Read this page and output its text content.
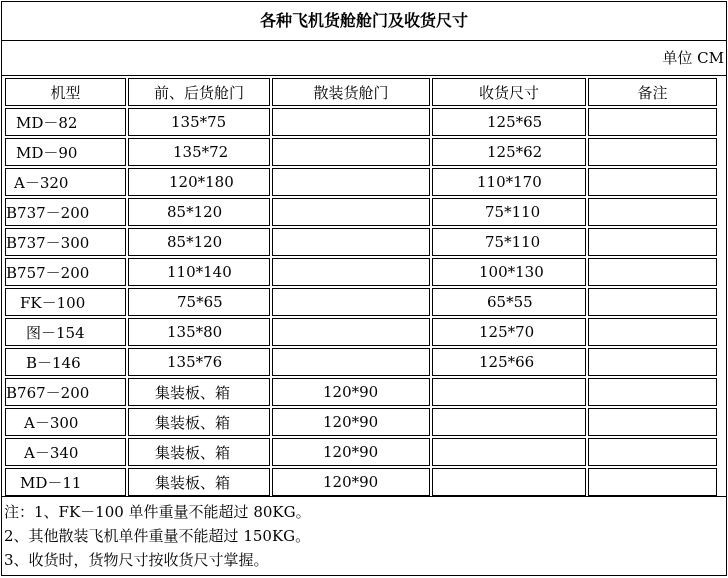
各种飞机货舱舱门及收货尺寸
单位 CM
机型	前、后货舱门	散装货舱门	收货尺寸	备注
MD－82	135*75		125*65	
MD－90	135*72		125*62	
A－320	120*180		110*170	
B737－200	85*120		75*110	
B737－300	85*120		75*110	
B757－200	110*140		100*130	
FK－100	75*65		65*55	
图－154	135*80		125*70	
B－146	135*76		125*66	
B767－200	集装板、箱	120*90		
A－300	集装板、箱	120*90		
A－340	集装板、箱	120*90		
MD－11	集装板、箱	120*90		
注：1、FK－100 单件重量不能超过 80KG。
2、其他散装飞机单件重量不能超过 150KG。
3、收货时，货物尺寸按收货尺寸掌握。
